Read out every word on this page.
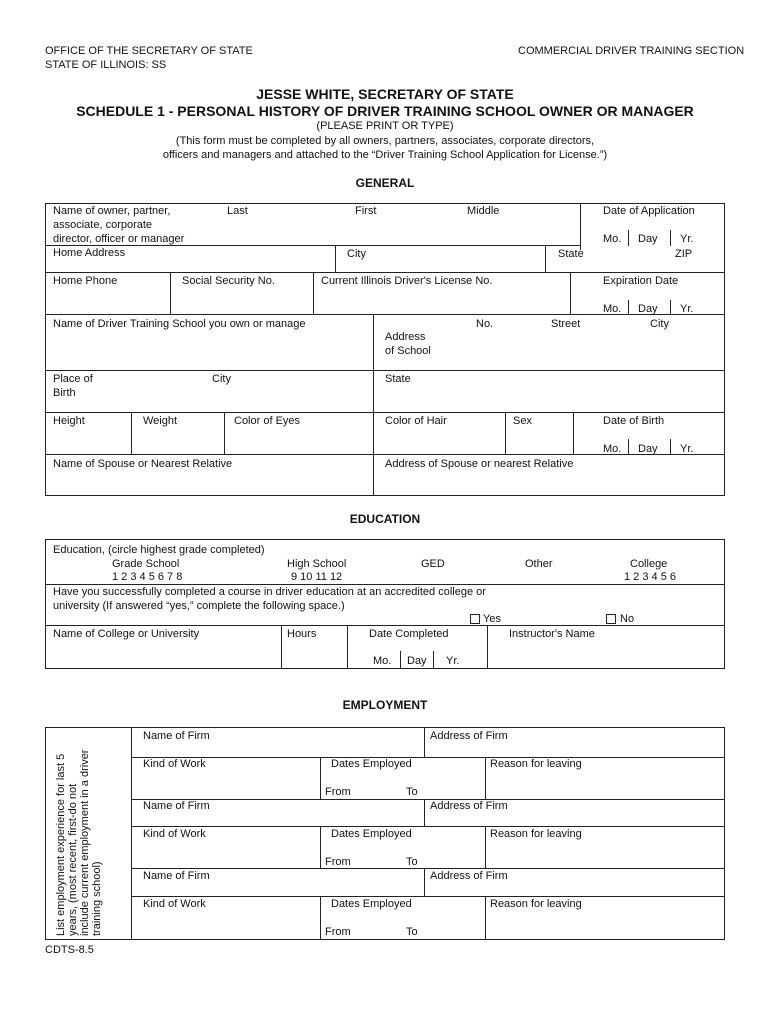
OFFICE OF THE SECRETARY OF STATE
STATE OF ILLINOIS: SS
COMMERCIAL DRIVER TRAINING SECTION
JESSE WHITE, SECRETARY OF STATE
SCHEDULE 1 - PERSONAL HISTORY OF DRIVER TRAINING SCHOOL OWNER OR MANAGER
(PLEASE PRINT OR TYPE)
(This form must be completed by all owners, partners, associates, corporate directors,
officers and managers and attached to the “Driver Training School Application for License.”)
GENERAL
Name of owner, partner,
associate, corporate
director, officer or manager
Last	First	Middle	Date of Application
Mo. Day Yr.
Home Address	City	State	ZIP
Home Phone	Social Security No.	Current Illinois Driver's License No.	Expiration Date
Mo. Day Yr.
Name of Driver Training School you own or manage
Address
of School
No.	Street	City
Place of
Birth
City	State
Height	Weight	Color of Eyes	Color of Hair	Sex	Date of Birth
Mo. Day Yr.
Name of Spouse or Nearest Relative	Address of Spouse or nearest Relative
EDUCATION
Education, (circle highest grade completed)
Grade School
1 2 3 4 5 6 7 8
High School
9 10 11 12
GED	Other	College
1 2 3 4 5 6
Have you successfully completed a course in driver education at an accredited college or
university (If answered “yes,” complete the following space.)
Yes	No
Name of College or University	Hours	Date Completed	Instructor's Name
Mo. Day Yr.
EMPLOYMENT
List employment experience for last 5 years, (most recent, first-do not include current employment in a driver training school)
Name of Firm	Address of Firm
Kind of Work	Dates Employed	Reason for leaving
From	To
Name of Firm	Address of Firm
Kind of Work	Dates Employed	Reason for leaving
From	To
Name of Firm	Address of Firm
Kind of Work	Dates Employed	Reason for leaving
From	To
CDTS-8.5
